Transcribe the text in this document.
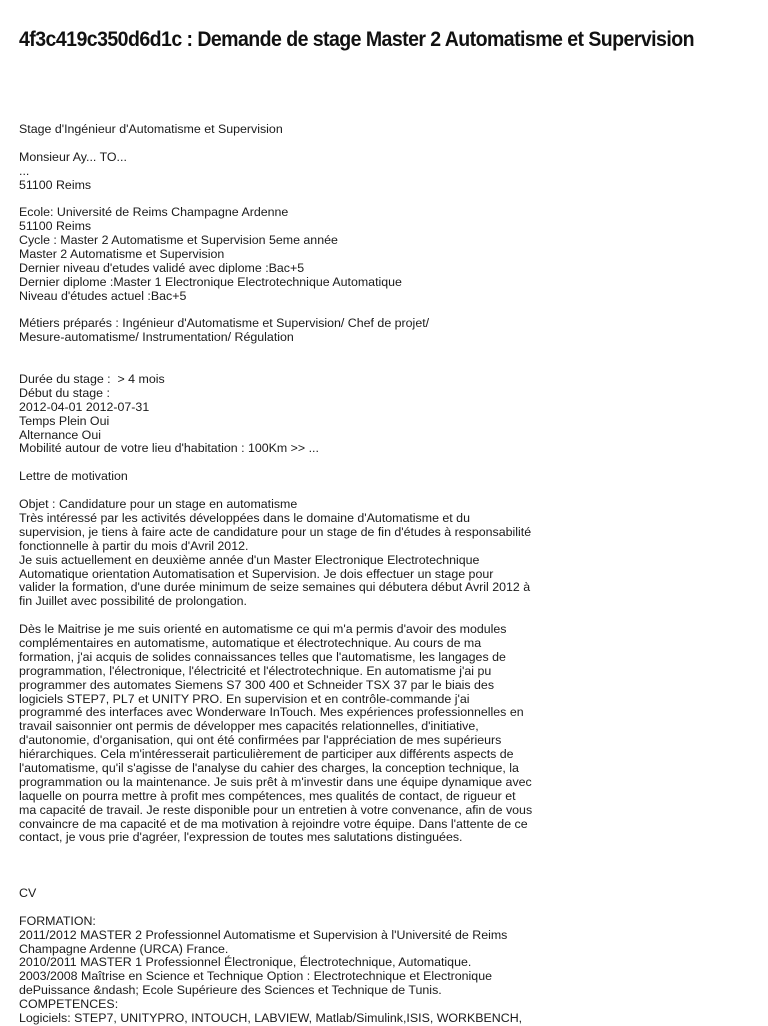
4f3c419c350d6d1c : Demande de stage Master 2 Automatisme et Supervision
Stage d'Ingénieur d'Automatisme et Supervision
Monsieur Ay... TO...
...
51100 Reims
Ecole: Université de Reims Champagne Ardenne
51100 Reims
Cycle : Master 2 Automatisme et Supervision 5eme année
Master 2 Automatisme et Supervision
Dernier niveau d'etudes validé avec diplome :Bac+5
Dernier diplome :Master 1 Electronique Electrotechnique Automatique
Niveau d'études actuel :Bac+5
Métiers préparés : Ingénieur d'Automatisme et Supervision/ Chef de projet/
Mesure-automatisme/ Instrumentation/ Régulation
Durée du stage :  > 4 mois
Début du stage :
2012-04-01 2012-07-31
Temps Plein Oui
Alternance Oui
Mobilité autour de votre lieu d'habitation : 100Km >> ...
Lettre de motivation
Objet : Candidature pour un stage en automatisme
Très intéressé par les activités développées dans le domaine d'Automatisme et du
supervision, je tiens à faire acte de candidature pour un stage de fin d'études à responsabilité
fonctionnelle à partir du mois d'Avril 2012.
Je suis actuellement en deuxième année d'un Master Electronique Electrotechnique
Automatique orientation Automatisation et Supervision. Je dois effectuer un stage pour
valider la formation, d'une durée minimum de seize semaines qui débutera début Avril 2012 à
fin Juillet avec possibilité de prolongation.
Dès le Maitrise je me suis orienté en automatisme ce qui m'a permis d'avoir des modules
complémentaires en automatisme, automatique et électrotechnique. Au cours de ma
formation, j'ai acquis de solides connaissances telles que l'automatisme, les langages de
programmation, l'électronique, l'électricité et l'électrotechnique. En automatisme j'ai pu
programmer des automates Siemens S7 300 400 et Schneider TSX 37 par le biais des
logiciels STEP7, PL7 et UNITY PRO. En supervision et en contrôle-commande j'ai
programmé des interfaces avec Wonderware InTouch. Mes expériences professionnelles en
travail saisonnier ont permis de développer mes capacités relationnelles, d'initiative,
d'autonomie, d'organisation, qui ont été confirmées par l'appréciation de mes supérieurs
hiérarchiques. Cela m'intéresserait particulièrement de participer aux différents aspects de
l'automatisme, qu'il s'agisse de l'analyse du cahier des charges, la conception technique, la
programmation ou la maintenance. Je suis prêt à m'investir dans une équipe dynamique avec
laquelle on pourra mettre à profit mes compétences, mes qualités de contact, de rigueur et
ma capacité de travail. Je reste disponible pour un entretien à votre convenance, afin de vous
convaincre de ma capacité et de ma motivation à rejoindre votre équipe. Dans l'attente de ce
contact, je vous prie d'agréer, l'expression de toutes mes salutations distinguées.
CV
FORMATION:
2011/2012 MASTER 2 Professionnel Automatisme et Supervision à l'Université de Reims
Champagne Ardenne (URCA) France.
2010/2011 MASTER 1 Professionnel Électronique, Électrotechnique, Automatique.
2003/2008 Maîtrise en Science et Technique Option : Electrotechnique et Electronique
dePuissance &ndash; Ecole Supérieure des Sciences et Technique de Tunis.
COMPETENCES:
Logiciels: STEP7, UNITYPRO, INTOUCH, LABVIEW, Matlab/Simulink,ISIS, WORKBENCH,
